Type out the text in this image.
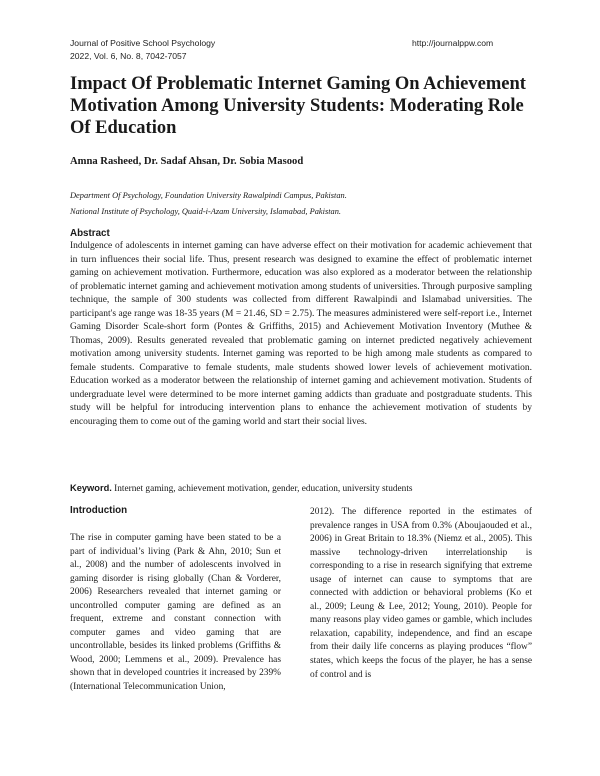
Journal of Positive School Psychology
2022, Vol. 6, No. 8, 7042-7057
http://journalppw.com
Impact Of Problematic Internet Gaming On Achievement Motivation Among University Students: Moderating Role Of Education
Amna Rasheed, Dr. Sadaf Ahsan, Dr. Sobia Masood
Department Of Psychology, Foundation University Rawalpindi Campus, Pakistan.
National Institute of Psychology, Quaid-i-Azam University, Islamabad, Pakistan.
Abstract

Indulgence of adolescents in internet gaming can have adverse effect on their motivation for academic achievement that in turn influences their social life. Thus, present research was designed to examine the effect of problematic internet gaming on achievement motivation. Furthermore, education was also explored as a moderator between the relationship of problematic internet gaming and achievement motivation among students of universities. Through purposive sampling technique, the sample of 300 students was collected from different Rawalpindi and Islamabad universities. The participant's age range was 18-35 years (M = 21.46, SD = 2.75). The measures administered were self-report i.e., Internet Gaming Disorder Scale-short form (Pontes & Griffiths, 2015) and Achievement Motivation Inventory (Muthee & Thomas, 2009). Results generated revealed that problematic gaming on internet predicted negatively achievement motivation among university students. Internet gaming was reported to be high among male students as compared to female students. Comparative to female students, male students showed lower levels of achievement motivation. Education worked as a moderator between the relationship of internet gaming and achievement motivation. Students of undergraduate level were determined to be more internet gaming addicts than graduate and postgraduate students. This study will be helpful for introducing intervention plans to enhance the achievement motivation of students by encouraging them to come out of the gaming world and start their social lives.

Keyword. Internet gaming, achievement motivation, gender, education, university students
Introduction

The rise in computer gaming have been stated to be a part of individual’s living (Park & Ahn, 2010; Sun et al., 2008) and the number of adolescents involved in gaming disorder is rising globally (Chan & Vorderer, 2006) Researchers revealed that internet gaming or uncontrolled computer gaming are defined as an frequent, extreme and constant connection with computer games and video gaming that are uncontrollable, besides its linked problems (Griffiths & Wood, 2000; Lemmens et al., 2009). Prevalence has shown that in developed countries it increased by 239% (International Telecommunication Union,

2012). The difference reported in the estimates of prevalence ranges in USA from 0.3% (Aboujaouded et al., 2006) in Great Britain to 18.3% (Niemz et al., 2005). This massive technology-driven interrelationship is corresponding to a rise in research signifying that extreme usage of internet can cause to symptoms that are connected with addiction or behavioral problems (Ko et al., 2009; Leung & Lee, 2012; Young, 2010). People for many reasons play video games or gamble, which includes relaxation, capability, independence, and find an escape from their daily life concerns as playing produces “flow” states, which keeps the focus of the player, he has a sense of control and is
